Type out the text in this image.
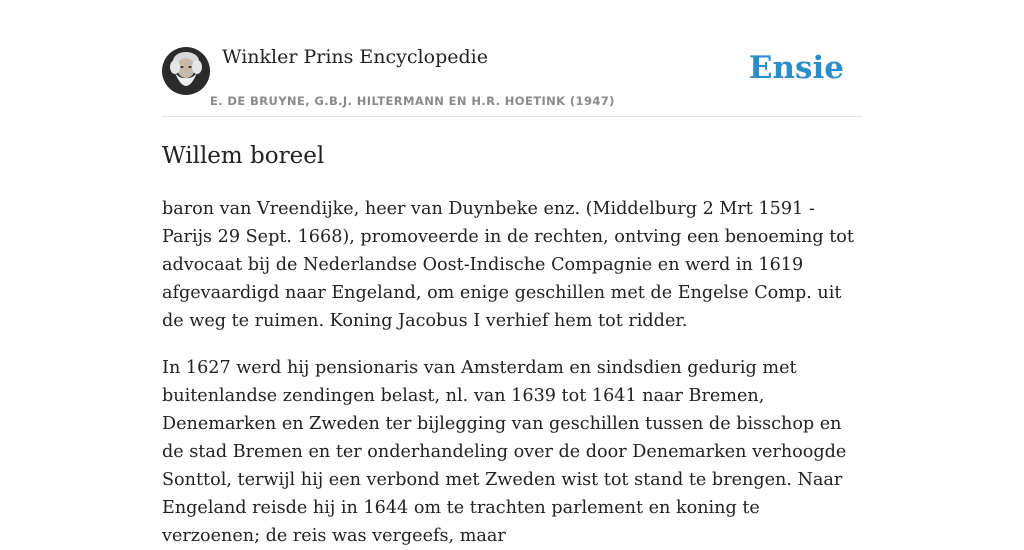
Winkler Prins Encyclopedie
E. DE BRUYNE, G.B.J. HILTERMANN EN H.R. HOETINK (1947)
Ensie
Willem boreel

baron van Vreendijke, heer van Duynbeke enz. (Middelburg 2 Mrt 1591 - Parijs 29 Sept. 1668), promoveerde in de rechten, ontving een benoeming tot advocaat bij de Nederlandse Oost-Indische Compagnie en werd in 1619 afgevaardigd naar Engeland, om enige geschillen met de Engelse Comp. uit de weg te ruimen. Koning Jacobus I verhief hem tot ridder.

In 1627 werd hij pensionaris van Amsterdam en sindsdien gedurig met buitenlandse zendingen belast, nl. van 1639 tot 1641 naar Bremen, Denemarken en Zweden ter bijlegging van geschillen tussen de bisschop en de stad Bremen en ter onderhandeling over de door Denemarken verhoogde Sonttol, terwijl hij een verbond met Zweden wist tot stand te brengen. Naar Engeland reisde hij in 1644 om te trachten parlement en koning te verzoenen; de reis was vergeefs, maar
